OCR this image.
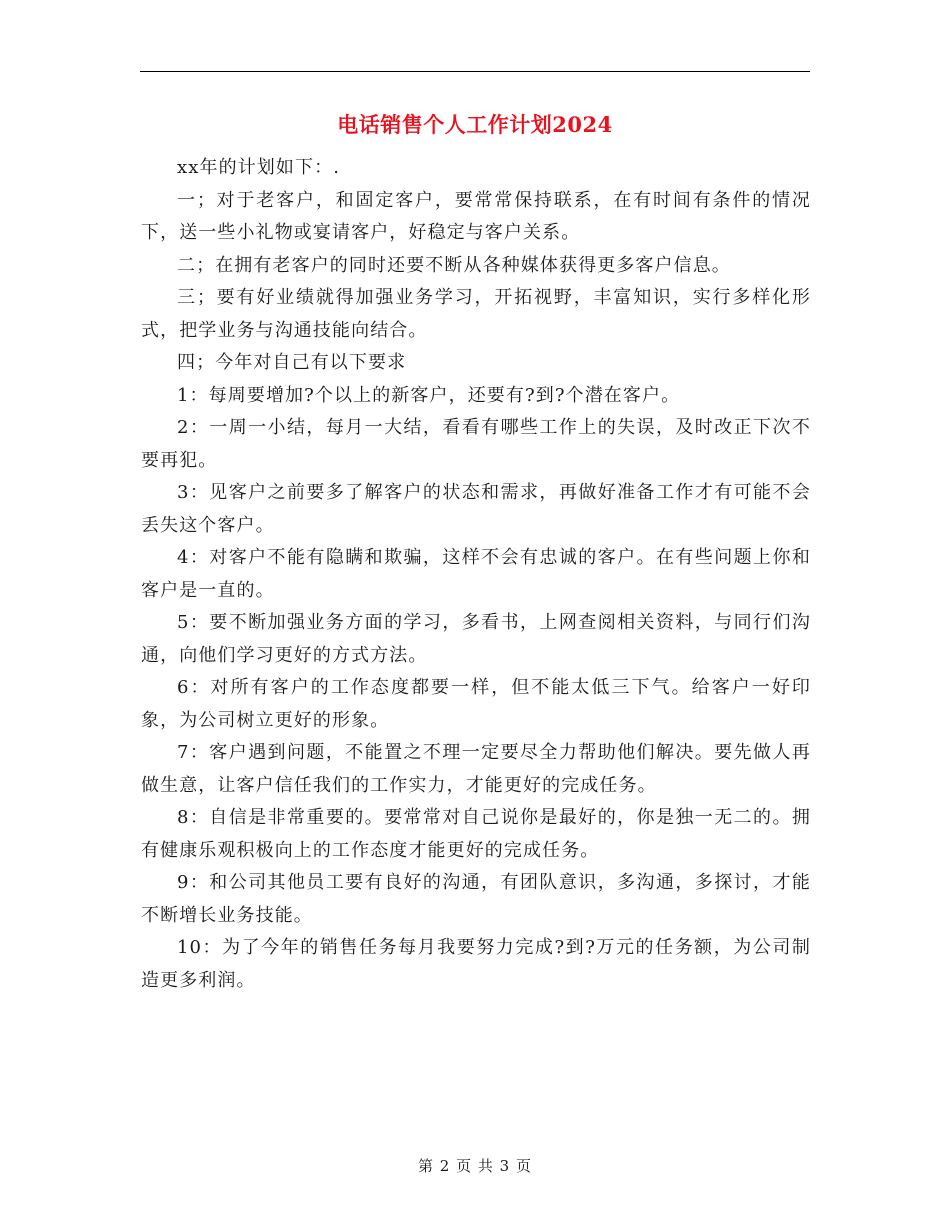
电话销售个人工作计划2024

xx年的计划如下：.

一；对于老客户，和固定客户，要常常保持联系，在有时间有条件的情况下，送一些小礼物或宴请客户，好稳定与客户关系。

二；在拥有老客户的同时还要不断从各种媒体获得更多客户信息。

三；要有好业绩就得加强业务学习，开拓视野，丰富知识，实行多样化形式，把学业务与沟通技能向结合。

四；今年对自己有以下要求

1：每周要增加?个以上的新客户，还要有?到?个潜在客户。

2：一周一小结，每月一大结，看看有哪些工作上的失误，及时改正下次不要再犯。

3：见客户之前要多了解客户的状态和需求，再做好准备工作才有可能不会丢失这个客户。

4：对客户不能有隐瞒和欺骗，这样不会有忠诚的客户。在有些问题上你和客户是一直的。

5：要不断加强业务方面的学习，多看书，上网查阅相关资料，与同行们沟通，向他们学习更好的方式方法。

6：对所有客户的工作态度都要一样，但不能太低三下气。给客户一好印象，为公司树立更好的形象。

7：客户遇到问题，不能置之不理一定要尽全力帮助他们解决。要先做人再做生意，让客户信任我们的工作实力，才能更好的完成任务。

8：自信是非常重要的。要常常对自己说你是最好的，你是独一无二的。拥有健康乐观积极向上的工作态度才能更好的完成任务。

9：和公司其他员工要有良好的沟通，有团队意识，多沟通，多探讨，才能不断增长业务技能。

10：为了今年的销售任务每月我要努力完成?到?万元的任务额，为公司制造更多利润。

第 2 页 共 3 页
